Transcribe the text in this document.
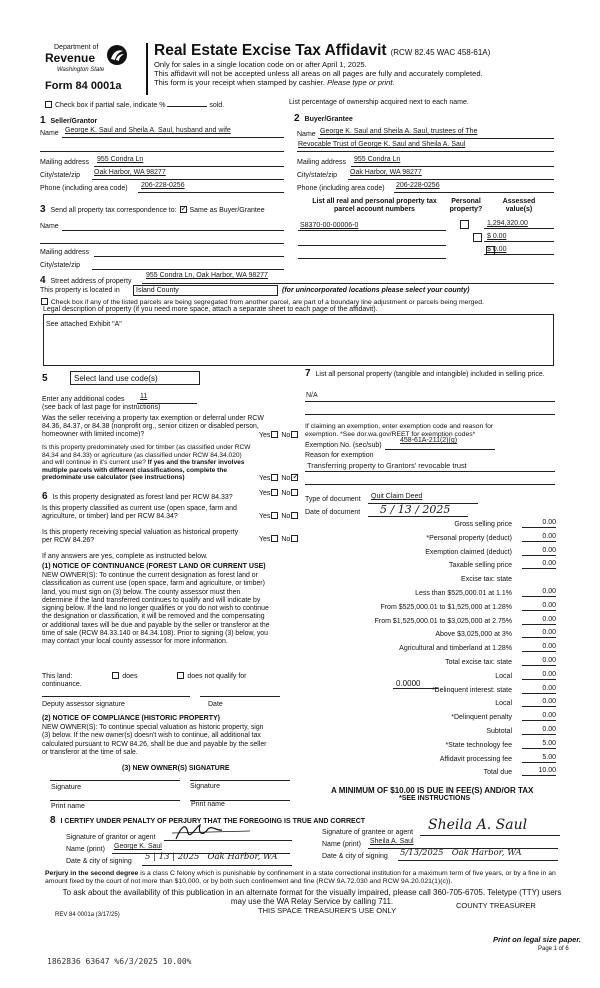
Department of
Revenue
Washington State
Form 84 0001a
Real Estate Excise Tax Affidavit (RCW 82.45 WAC 458-61A)
Only for sales in a single location code on or after April 1, 2025.
This affidavit will not be accepted unless all areas on all pages are fully and accurately completed.
This form is your receipt when stamped by cashier. Please type or print.
Check box if partial sale, indicate %	sold.	List percentage of ownership acquired next to each name.
1 Seller/Grantor
Name George K. Saul and Sheila A. Saul, husband and wife
Mailing address 955 Condra Ln
City/state/zip Oak Harbor, WA 98277
Phone (including area code) 206-228-0256
2 Buyer/Grantee
Name George K. Saul and Sheila A. Saul, trustees of The
Revocable Trust of George K. Saul and Sheila A. Saul
Mailing address 955 Condra Ln
City/state/zip Oak Harbor, WA 98277
Phone (including area code) 206-228-0256
3 Send all property tax correspondence to: ✓ Same as Buyer/Grantee
Name
Mailing address
City/state/zip
List all real and personal property tax parcel account numbers
Personal property?
Assessed value(s)
S8370-00-00006-0
	1,294,320.00

$ 0.00
$ 0.00
4 Street address of property
955 Condra Ln, Oak Harbor, WA 98277
This property is located in Island County	(for unincorporated locations please select your county)
Check box if any of the listed parcels are being segregated from another parcel, are part of a boundary line adjustment or parcels being merged.
Legal description of property (if you need more space, attach a separate sheet to each page of the affidavit).
See attached Exhibit "A"
5	Select land use code(s)
Enter any additional codes 11
(see back of last page for instructions)
Was the seller receiving a property tax exemption or deferral under RCW 84.36, 84.37, or 84.38 (nonprofit org., senior citizen or disabled person, homeowner with limited income)?	Yes No
Is this property predominately used for timber (as classified under RCW 84.34 and 84.33) or agriculture (as classified under RCW 84.34.020) and will continue in it's current use? If yes and the transfer involves multiple parcels with different classifications, complete the predominate use calculator (see instructions)	Yes No✓
6 Is this property designated as forest land per RCW 84.33?
Yes No
Is this property classified as current use (open space, farm and agriculture, or timber) land per RCW 84.34?	Yes No
Is this property receiving special valuation as historical property per RCW 84.26?	Yes No
If any answers are yes, complete as instructed below.
(1) NOTICE OF CONTINUANCE (FOREST LAND OR CURRENT USE)
NEW OWNER(S): To continue the current designation as forest land or classification as current use (open space, farm and agriculture, or timber) land, you must sign on (3) below. The county assessor must then determine if the land transferred continues to qualify and will indicate by signing below. If the land no longer qualifies or you do not wish to continue the designation or classification, it will be removed and the compensating or additional taxes will be due and payable by the seller or transferor at the time of sale (RCW 84.33.140 or 84.34.108). Prior to signing (3) below, you may contact your local county assessor for more information.
This land:	does	does not qualify for
continuance.
Deputy assessor signature	Date
(2) NOTICE OF COMPLIANCE (HISTORIC PROPERTY)
NEW OWNER(S): To continue special valuation as historic property, sign (3) below. If the new owner(s) doesn't wish to continue, all additional tax calculated pursuant to RCW 84.26, shall be due and payable by the seller or transferor at the time of sale.
(3) NEW OWNER(S) SIGNATURE
Signature	Signature
Print name	Print name
7 List all personal property (tangible and intangible) included in selling price.
N/A
If claiming an exemption, enter exemption code and reason for exemption. *See dor.wa.gov/REET for exemption codes*
Exemption No. (sec/sub)
458-61A-211(2)(g)
Reason for exemption
Transferring property to Grantors' revocable trust
Type of document Quit Claim Deed
Date of document 5 / 13 / 2025
Gross selling price	0.00
*Personal property (deduct)	0.00
Exemption claimed (deduct)	0.00
Taxable selling price	0.00
Excise tax: state
Less than $525,000.01 at 1.1%	0.00
From $525,000.01 to $1,525,000 at 1.28%	0.00
From $1,525,000.01 to $3,025,000 at 2.75%	0.00
Above $3,025,000 at 3%	0.00
Agricultural and timberland at 1.28%	0.00
Total excise tax: state	0.00
Local	0.00
*Delinquent interest: state	0.00
Local	0.00
*Delinquent penalty	0.00
Subtotal	0.00
*State technology fee	5.00
Affidavit processing fee	5.00
Total due	10.00
0.0000
A MINIMUM OF $10.00 IS DUE IN FEE(S) AND/OR TAX
*SEE INSTRUCTIONS
8 I CERTIFY UNDER PENALTY OF PERJURY THAT THE FOREGOING IS TRUE AND CORRECT
Signature of grantor or agent
Name (print) George K. Saul
Date & city of signing 5 | 13 | 2025   Oak Harbor, WA
Signature of grantee or agent Sheila A. Saul
Name (print) Sheila A. Saul
Date & city of signing 5/13/2025   Oak Harbor, WA
Perjury in the second degree is a class C felony which is punishable by confinement in a state correctional institution for a maximum term of five years, or by a fine in an amount fixed by the court of not more than $10,000, or by both such confinement and fine (RCW 9A.72.030 and RCW 9A.20.021(1)(c)).
To ask about the availability of this publication in an alternate format for the visually impaired, please call 360-705-6705. Teletype (TTY) users may use the WA Relay Service by calling 711.
REV 84 0001a (3/17/25)	THIS SPACE TREASURER'S USE ONLY
COUNTY TREASURER
Print on legal size paper.
Page 1 of 6
1862836 63647 %6/3/2025 10.00%
